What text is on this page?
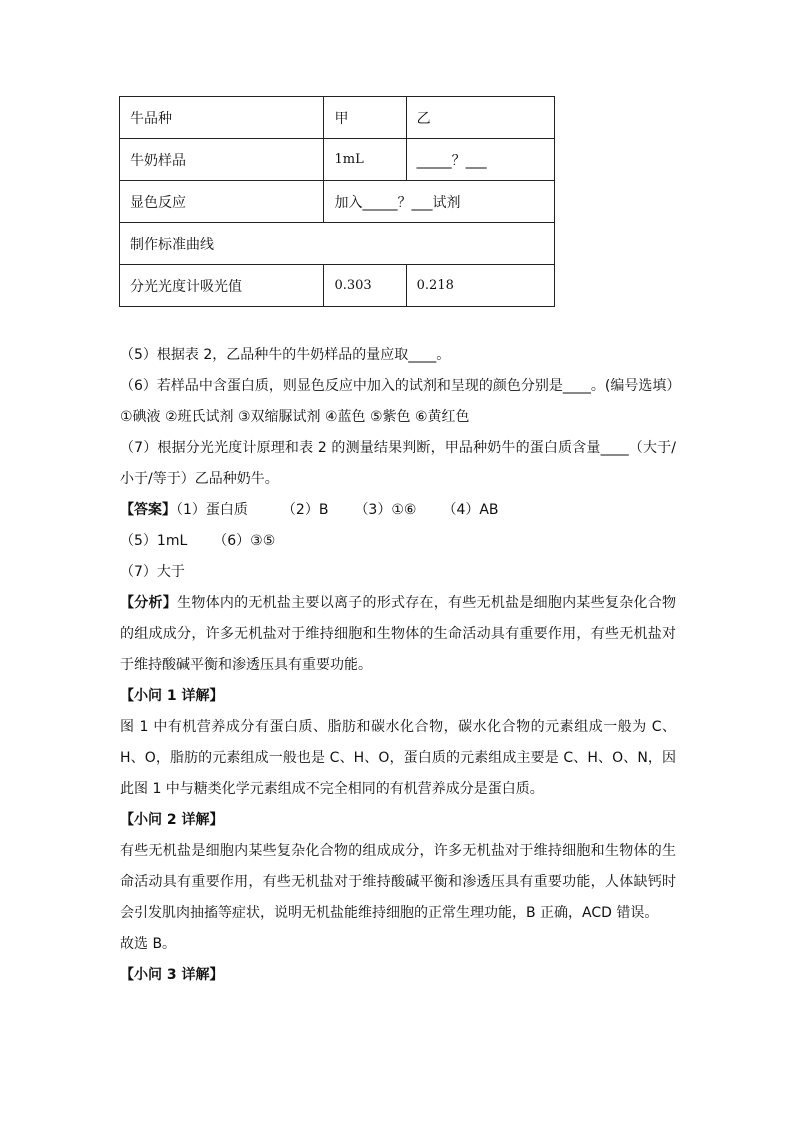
牛品种	甲	乙
牛奶样品	1mL	_____？___
显色反应	加入_____？___试剂	
制作标准曲线		
分光光度计吸光值	0.303	0.218
（5）根据表 2，乙品种牛的牛奶样品的量应取____。
（6）若样品中含蛋白质，则显色反应中加入的试剂和呈现的颜色分别是____。(编号选填）
①碘液 ②班氏试剂 ③双缩脲试剂 ④蓝色 ⑤紫色 ⑥黄红色
（7）根据分光光度计原理和表 2 的测量结果判断，甲品种奶牛的蛋白质含量____（大于/小于/等于）乙品种奶牛。
【答案】（1）蛋白质 （2）B （3）①⑥ （4）AB
（5）1mL （6）③⑤
（7）大于
【分析】生物体内的无机盐主要以离子的形式存在，有些无机盐是细胞内某些复杂化合物的组成成分，许多无机盐对于维持细胞和生物体的生命活动具有重要作用，有些无机盐对于维持酸碱平衡和渗透压具有重要功能。
【小问 1 详解】
图 1 中有机营养成分有蛋白质、脂肪和碳水化合物，碳水化合物的元素组成一般为 C、H、O，脂肪的元素组成一般也是 C、H、O，蛋白质的元素组成主要是 C、H、O、N，因此图 1 中与糖类化学元素组成不完全相同的有机营养成分是蛋白质。
【小问 2 详解】
有些无机盐是细胞内某些复杂化合物的组成成分，许多无机盐对于维持细胞和生物体的生命活动具有重要作用，有些无机盐对于维持酸碱平衡和渗透压具有重要功能，人体缺钙时会引发肌肉抽搐等症状，说明无机盐能维持细胞的正常生理功能，B 正确，ACD 错误。
故选 B。
【小问 3 详解】
